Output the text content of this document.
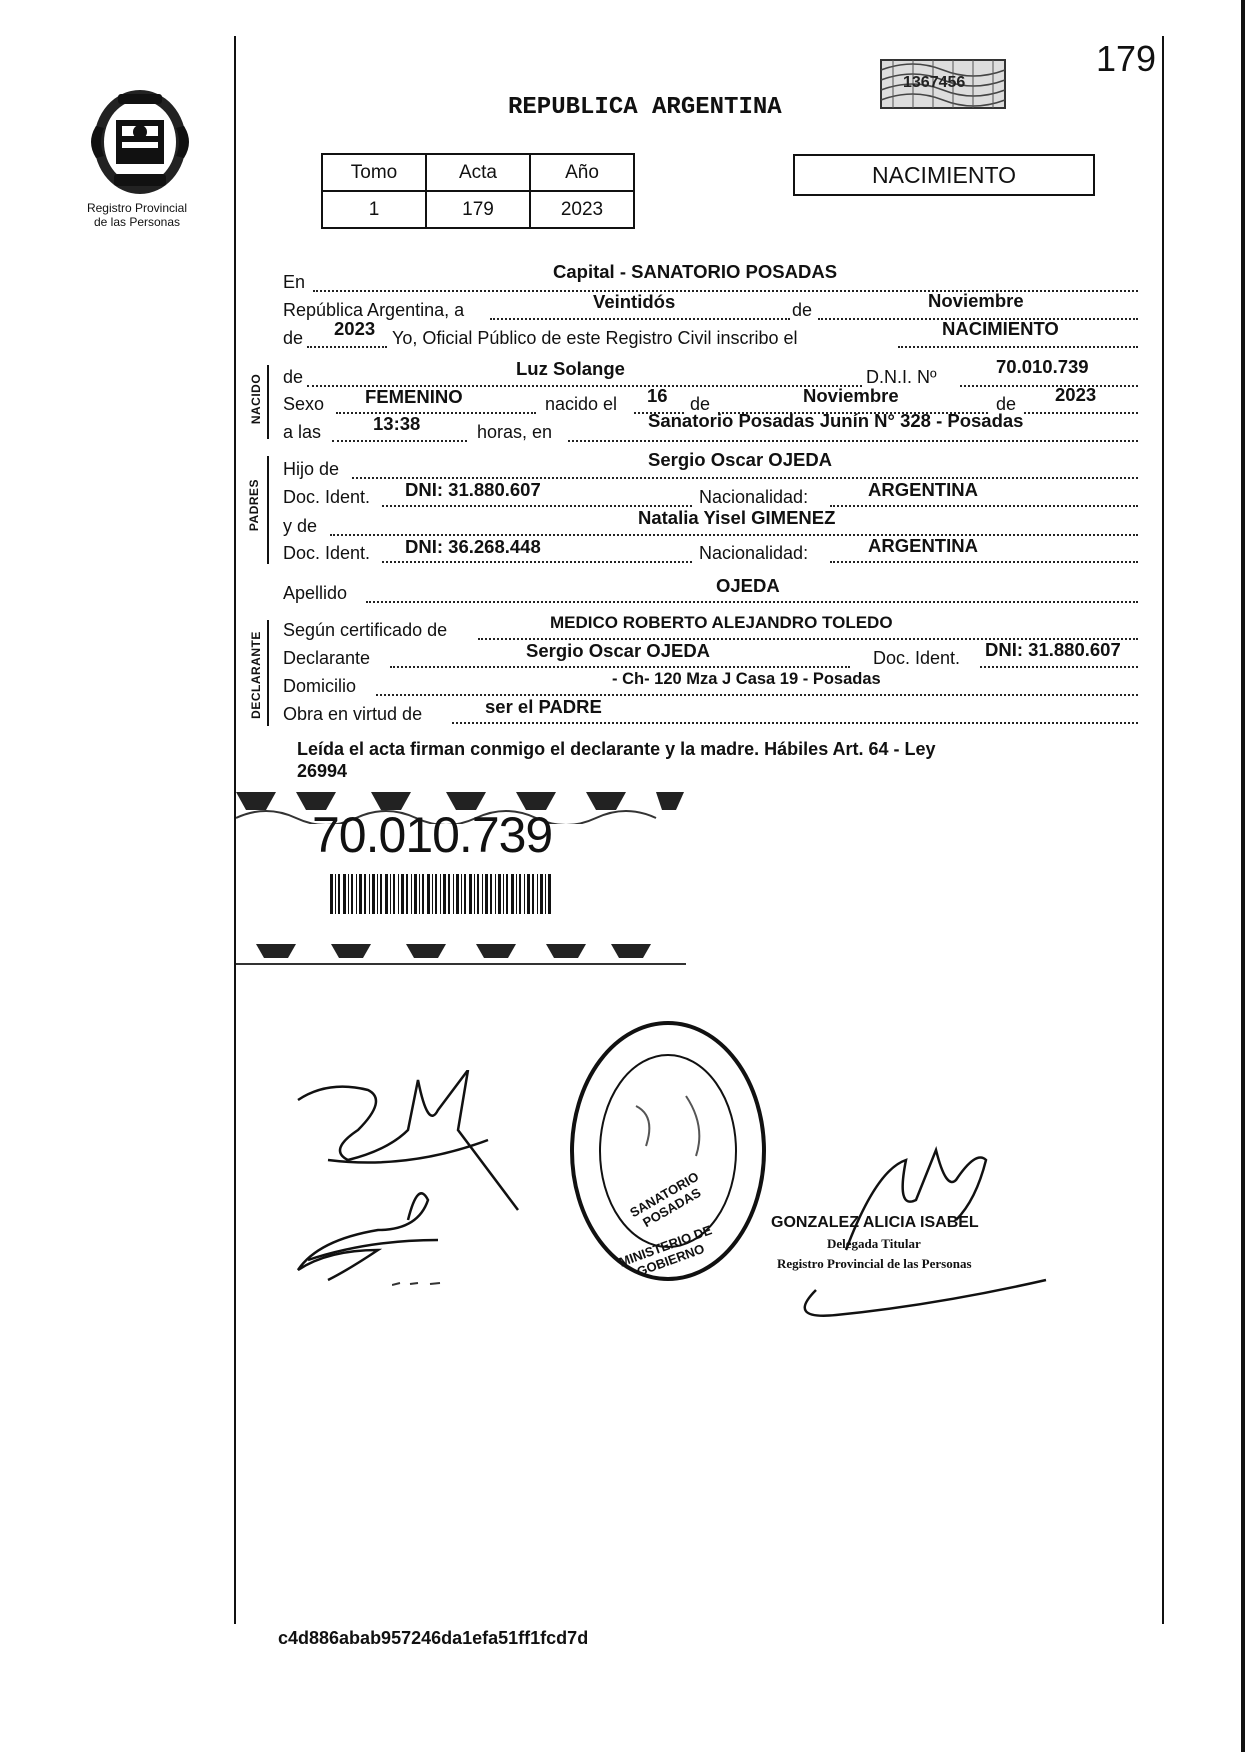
Registro Provincial
de las Personas
REPUBLICA ARGENTINA
1367456
179
Tomo	Acta	Año
1	179	2023
NACIMIENTO
En	Capital - SANATORIO POSADAS
República Argentina, a	Veintidós	de	Noviembre
de 2023 Yo, Oficial Público de este Registro Civil inscribo el	NACIMIENTO
NACIDO de	Luz Solange	D.N.I. Nº	70.010.739
Sexo FEMENINO	nacido el 16 de	Noviembre	de 2023
a las	13:38	horas, en
Sanatorio Posadas Junín N° 328 - Posadas
PADRES
Hijo de	Sergio Oscar OJEDA
Doc. Ident. DNI: 31.880.607	Nacionalidad:	ARGENTINA
y de	Natalia Yisel GIMENEZ
Doc. Ident. DNI: 36.268.448	Nacionalidad:	ARGENTINA
Apellido	OJEDA
DECLARANTE
Según certificado de	MEDICO ROBERTO ALEJANDRO TOLEDO
Declarante	Sergio Oscar OJEDA	Doc. Ident. DNI: 31.880.607
Domicilio	- Ch- 120 Mza J Casa 19 - Posadas
Obra en virtud de	ser el PADRE
Leída el acta firman conmigo el declarante y la madre. Hábiles Art. 64 - Ley
26994
70.010.739
SANATORIO POSADAS
MINISTERIO DE GOBIERNO
GONZALEZ ALICIA ISABEL
Delegada Titular
Registro Provincial de las Personas
c4d886abab957246da1efa51ff1fcd7d
